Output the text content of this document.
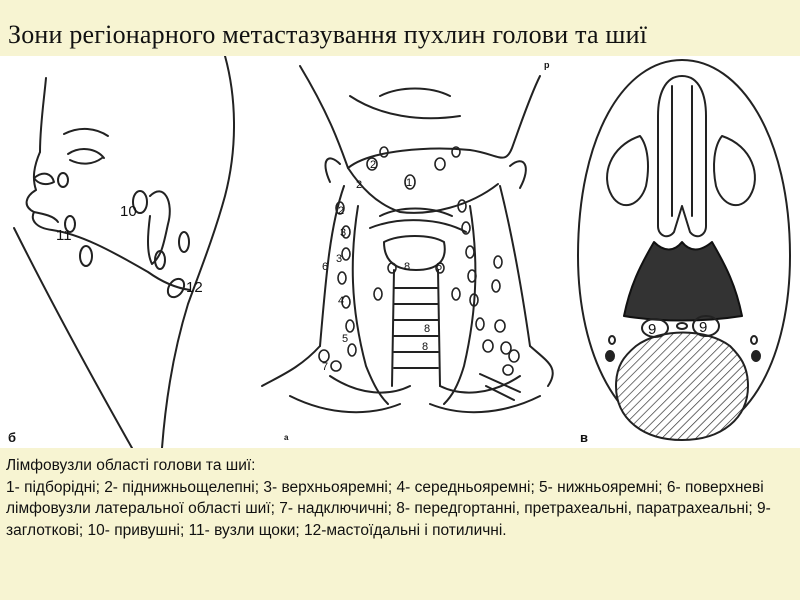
Зони регіонарного метастазування пухлин голови та шиї
10
11
12
1
2
2
2
3
3
4
5
6	6
7
8
8
8
9	9
б	в
р
а

Лімфовузли області голови та шиї:

1- підборідні; 2- піднижньощелепні; 3- верхньояремні; 4- середньояремні; 5- нижньояремні; 6- поверхневі лімфовузли латеральної області шиї; 7- надключичні; 8- передгортанні, претрахеальні, паратрахеальні; 9-заглоткові; 10- привушні; 11- вузли щоки; 12-мастоїдальні і потиличні.
